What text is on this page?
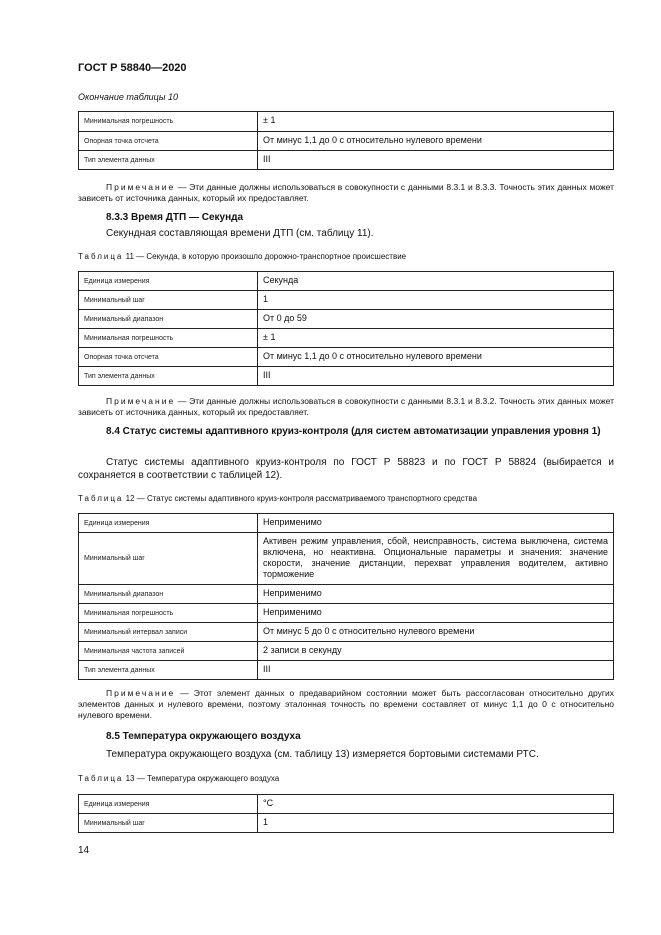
ГОСТ Р 58840—2020
Окончание таблицы 10
Минимальная погрешность	± 1
Опорная точка отсчета	От минус 1,1 до 0 с относительно нулевого времени
Тип элемента данных	III
Примечание — Эти данные должны использоваться в совокупности с данными 8.3.1 и 8.3.3. Точность этих данных может зависеть от источника данных, который их предоставляет.
8.3.3 Время ДТП — Секунда
Секундная составляющая времени ДТП (см. таблицу 11).
Таблица 11 — Секунда, в которую произошло дорожно-транспортное происшествие
Единица измерения	Секунда
Минимальный шаг	1
Минимальный диапазон	От 0 до 59
Минимальная погрешность	± 1
Опорная точка отсчета	От минус 1,1 до 0 с относительно нулевого времени
Тип элемента данных	III
Примечание — Эти данные должны использоваться в совокупности с данными 8.3.1 и 8.3.2. Точность этих данных может зависеть от источника данных, который их предоставляет.
8.4 Статус системы адаптивного круиз-контроля (для систем автоматизации управления уровня 1)
Статус системы адаптивного круиз-контроля по ГОСТ Р 58823 и по ГОСТ Р 58824 (выбирается и сохраняется в соответствии с таблицей 12).
Таблица 12 — Статус системы адаптивного круиз-контроля рассматриваемого транспортного средства
Единица измерения	Неприменимо
Минимальный шаг	Активен режим управления, сбой, неисправность, система выключена, система включена, но неактивна. Опциональные параметры и значения: значение скорости, значение дистанции, перехват управления водителем, активно торможение
Минимальный диапазон	Неприменимо
Минимальная погрешность	Неприменимо
Минимальный интервал записи	От минус 5 до 0 с относительно нулевого времени
Минимальная частота записей	2 записи в секунду
Тип элемента данных	III
Примечание — Этот элемент данных о предаварийном состоянии может быть рассогласован относительно других элементов данных и нулевого времени, поэтому эталонная точность по времени составляет от минус 1,1 до 0 с относительно нулевого времени.
8.5 Температура окружающего воздуха
Температура окружающего воздуха (см. таблицу 13) измеряется бортовыми системами РТС.
Таблица 13 — Температура окружающего воздуха
Единица измерения	°С
Минимальный шаг	1
14
